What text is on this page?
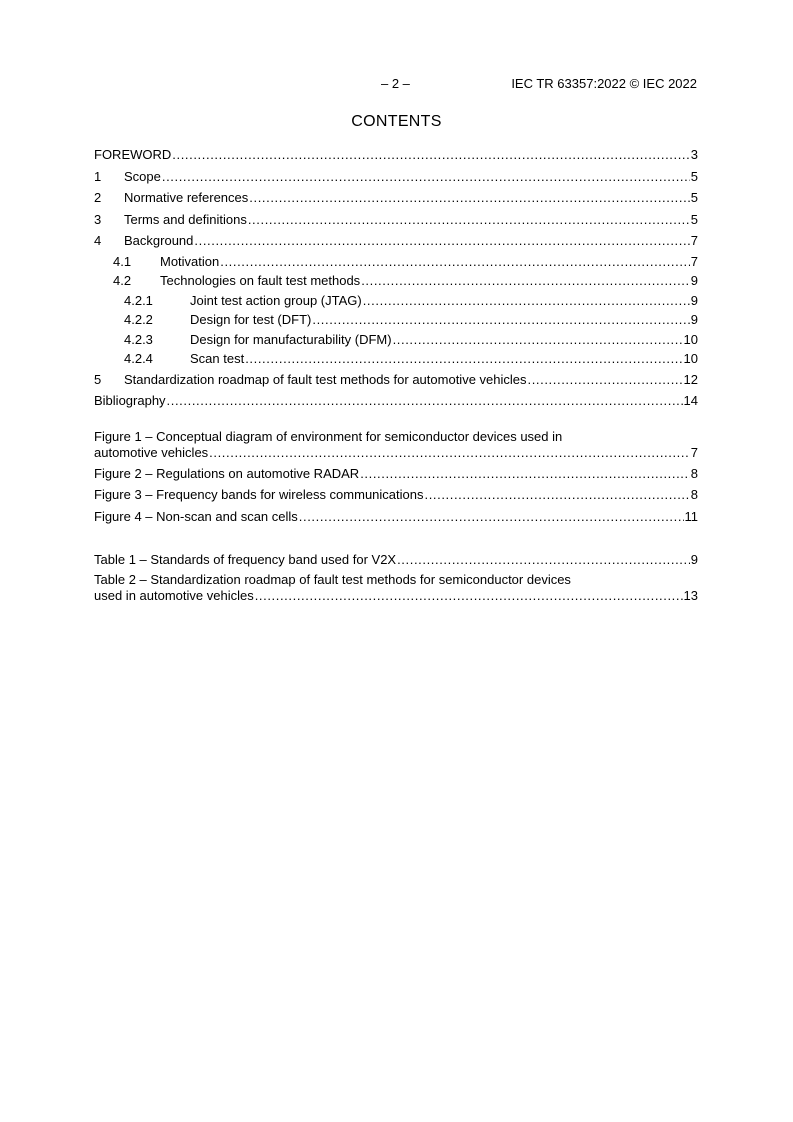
– 2 –	IEC TR 63357:2022 © IEC 2022
CONTENTS
FOREWORD .....	3
1	Scope .....	5
2	Normative references .....	5
3	Terms and definitions .....	5
4	Background .....	7
4.1	Motivation .....	7
4.2	Technologies on fault test methods .....	9
4.2.1	Joint test action group (JTAG) .....	9
4.2.2	Design for test (DFT) .....	9
4.2.3	Design for manufacturability (DFM) .....	10
4.2.4	Scan test .....	10
5	Standardization roadmap of fault test methods for automotive vehicles .....	12
Bibliography .....	14
Figure 1 – Conceptual diagram of environment for semiconductor devices used in
automotive vehicles .....	7
Figure 2 – Regulations on automotive RADAR .....	8
Figure 3 – Frequency bands for wireless communications .....	8
Figure 4 – Non-scan and scan cells .....	11
Table 1 – Standards of frequency band used for V2X .....	9
Table 2 – Standardization roadmap of fault test methods for semiconductor devices
used in automotive vehicles .....	13
